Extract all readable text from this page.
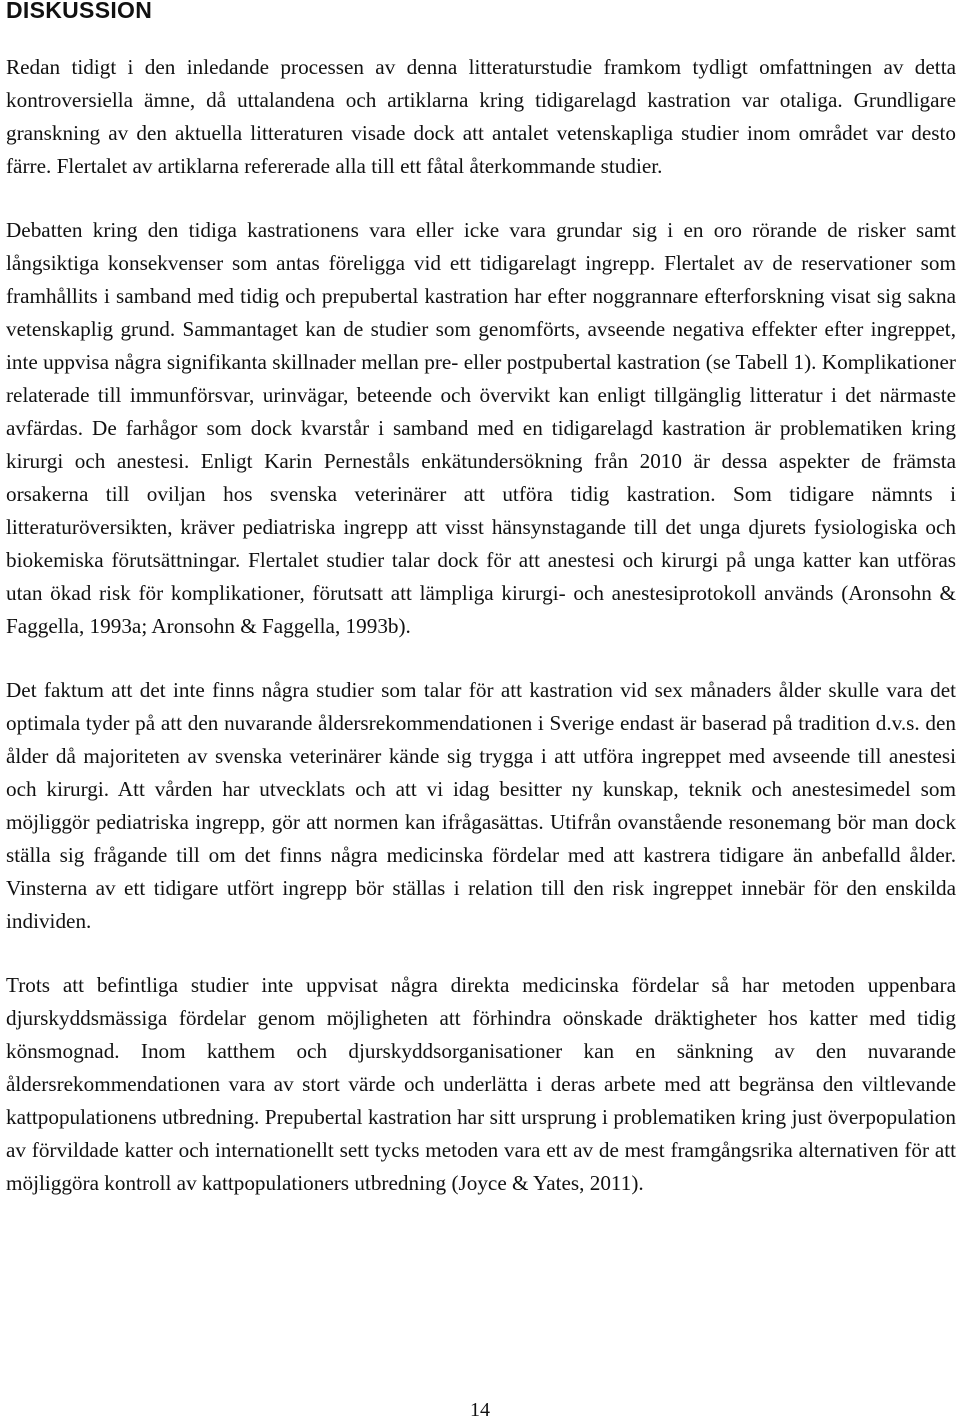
DISKUSSION

Redan tidigt i den inledande processen av denna litteraturstudie framkom tydligt omfattningen av detta kontroversiella ämne, då uttalandena och artiklarna kring tidigarelagd kastration var otaliga. Grundligare granskning av den aktuella litteraturen visade dock att antalet vetenskapliga studier inom området var desto färre. Flertalet av artiklarna refererade alla till ett fåtal återkommande studier.

Debatten kring den tidiga kastrationens vara eller icke vara grundar sig i en oro rörande de risker samt långsiktiga konsekvenser som antas föreligga vid ett tidigarelagt ingrepp. Flertalet av de reservationer som framhållits i samband med tidig och prepubertal kastration har efter noggrannare efterforskning visat sig sakna vetenskaplig grund. Sammantaget kan de studier som genomförts, avseende negativa effekter efter ingreppet, inte uppvisa några signifikanta skillnader mellan pre- eller postpubertal kastration (se Tabell 1). Komplikationer relaterade till immunförsvar, urinvägar, beteende och övervikt kan enligt tillgänglig litteratur i det närmaste avfärdas. De farhågor som dock kvarstår i samband med en tidigarelagd kastration är problematiken kring kirurgi och anestesi. Enligt Karin Perneståls enkätundersökning från 2010 är dessa aspekter de främsta orsakerna till oviljan hos svenska veterinärer att utföra tidig kastration. Som tidigare nämnts i litteraturöversikten, kräver pediatriska ingrepp att visst hänsynstagande till det unga djurets fysiologiska och biokemiska förutsättningar. Flertalet studier talar dock för att anestesi och kirurgi på unga katter kan utföras utan ökad risk för komplikationer, förutsatt att lämpliga kirurgi- och anestesiprotokoll används (Aronsohn & Faggella, 1993a; Aronsohn & Faggella, 1993b).

Det faktum att det inte finns några studier som talar för att kastration vid sex månaders ålder skulle vara det optimala tyder på att den nuvarande åldersrekommendationen i Sverige endast är baserad på tradition d.v.s. den ålder då majoriteten av svenska veterinärer kände sig trygga i att utföra ingreppet med avseende till anestesi och kirurgi. Att vården har utvecklats och att vi idag besitter ny kunskap, teknik och anestesimedel som möjliggör pediatriska ingrepp, gör att normen kan ifrågasättas. Utifrån ovanstående resonemang bör man dock ställa sig frågande till om det finns några medicinska fördelar med att kastrera tidigare än anbefalld ålder. Vinsterna av ett tidigare utfört ingrepp bör ställas i relation till den risk ingreppet innebär för den enskilda individen.

Trots att befintliga studier inte uppvisat några direkta medicinska fördelar så har metoden uppenbara djurskyddsmässiga fördelar genom möjligheten att förhindra oönskade dräktigheter hos katter med tidig könsmognad. Inom katthem och djurskyddsorganisationer kan en sänkning av den nuvarande åldersrekommendationen vara av stort värde och underlätta i deras arbete med att begränsa den viltlevande kattpopulationens utbredning. Prepubertal kastration har sitt ursprung i problematiken kring just överpopulation av förvildade katter och internationellt sett tycks metoden vara ett av de mest framgångsrika alternativen för att möjliggöra kontroll av kattpopulationers utbredning (Joyce & Yates, 2011).

14
